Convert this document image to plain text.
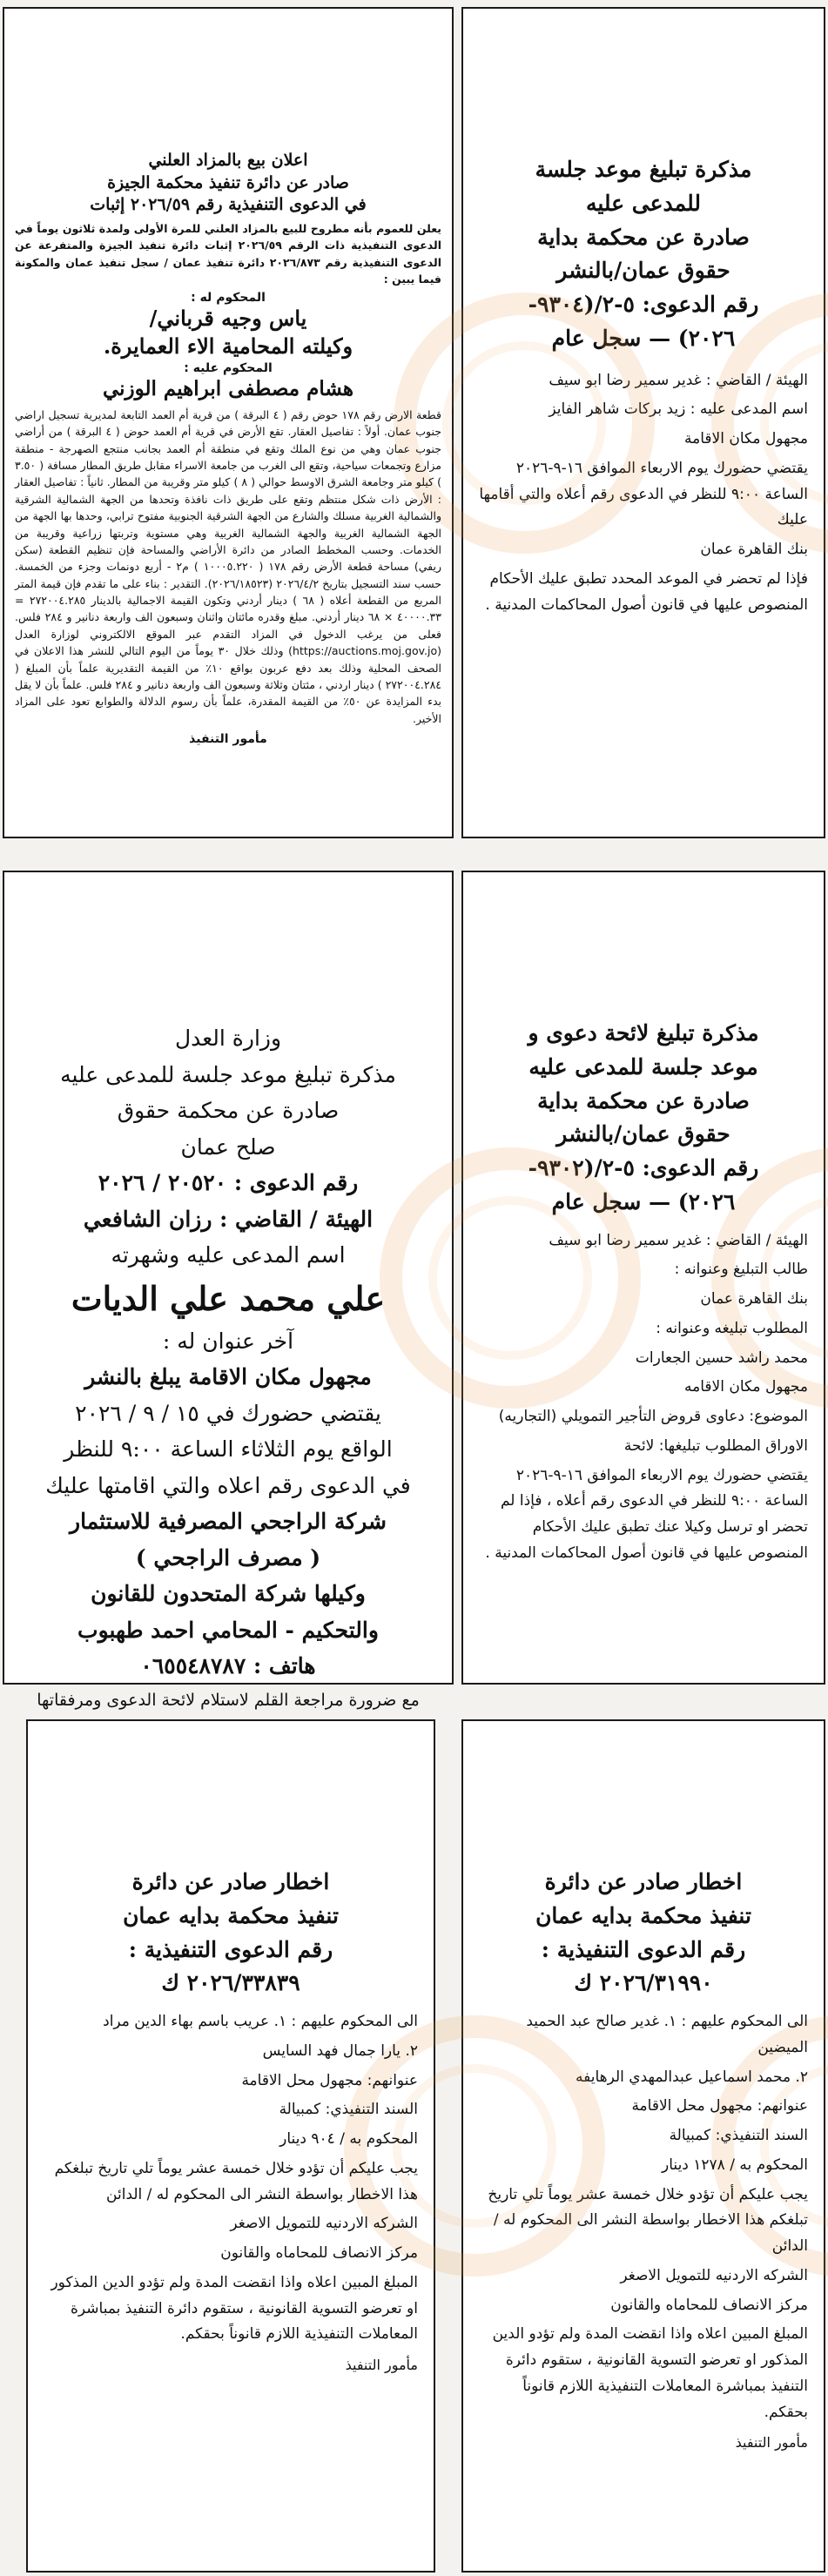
مذكرة تبليغ موعد جلسة
للمدعى عليه
صادرة عن محكمة بداية
حقوق عمان/بالنشر
رقم الدعوى: ٥-٢/(٩٣٠٤-
٢٠٢٦) — سجل عام
الهيئة / القاضي : غدير سمير رضا ابو سيف
اسم المدعى عليه : زيد بركات شاهر الفايز
مجهول مكان الاقامة
يقتضي حضورك يوم الاربعاء الموافق ١٦-٩-٢٠٢٦ الساعة ٩:٠٠ للنظر في الدعوى رقم أعلاه والتي أقامها عليك
بنك القاهرة عمان
فإذا لم تحضر في الموعد المحدد تطبق عليك الأحكام المنصوص عليها في قانون أصول المحاكمات المدنية .
اعلان بيع بالمزاد العلني
صادر عن دائرة تنفيذ محكمة الجيزة
في الدعوى التنفيذية رقم ٢٠٢٦/٥٩ إثبات
يعلن للعموم بأنه مطروح للبيع بالمزاد العلني للمرة الأولى ولمدة ثلاثون يوماً في الدعوى التنفيذية ذات الرقم ٢٠٢٦/٥٩ إثبات دائرة تنفيذ الجيزة والمتفرعة عن الدعوى التنفيذية رقم ٢٠٢٦/٨٧٣ دائرة تنفيذ عمان / سجل تنفيذ عمان والمكونة فيما يبين :
المحكوم له :
ياس وجيه قرباني/
وكيلته المحامية الاء العمايرة.
المحكوم عليه :
هشام مصطفى ابراهيم الوزني
قطعة الارض رقم ١٧٨ حوض رقم ( ٤ البرقة ) من قرية أم العمد التابعة لمديرية تسجيل اراضي جنوب عمان. أولاً : تفاصيل العقار. تقع الأرض في قرية أم العمد حوض ( ٤ البرقة ) من أراضي جنوب عمان وهي من نوع الملك وتقع في منطقة أم العمد بجانب منتجع الصهرجة - منطقة مزارع وتجمعات سياحية، وتقع الى الغرب من جامعة الاسراء مقابل طريق المطار مسافة ( ٣.٥٠ ) كيلو متر وجامعة الشرق الاوسط حوالي ( ٨ ) كيلو متر وقريبة من المطار. ثانياً : تفاصيل العقار : الأرض ذات شكل منتظم وتقع على طريق ذات نافذة وتحدها من الجهة الشمالية الشرقية والشمالية الغربية مسلك والشارع من الجهة الشرقية الجنوبية مفتوح ترابي، وحدها بها الجهة من الجهة الشمالية الغربية والجهة الشمالية الغربية وهي مستوية وتربتها زراعية وقريبة من الخدمات. وحسب المخطط الصادر من دائرة الأراضي والمساحة فإن تنظيم القطعة (سكن ريفي) مساحة قطعة الأرض رقم ١٧٨ ( ١٠٠٠٥.٢٢٠ ) م٢ - أربع دونمات وجزء من الخمسة. حسب سند التسجيل بتاريخ ٢٠٢٦/٤/٢ (٢٠٢٦/١٨٥٢٣). التقدير : بناء على ما تقدم فإن قيمة المتر المربع من القطعة أعلاه ( ٦٨ ) دينار أردني وتكون القيمة الاجمالية بالدينار ٢٧٢٠٠٤.٢٨٥ = ٤٠٠٠٠.٣٣ × ٦٨ دينار أردني. مبلغ وقدره مائتان واثنان وسبعون الف واربعة دنانير و ٢٨٤ فلس. فعلى من يرغب الدخول في المزاد التقدم عبر الموقع الالكتروني لوزارة العدل (https://auctions.moj.gov.jo) وذلك خلال ٣٠ يوماً من اليوم التالي للنشر هذا الاعلان في الصحف المحلية وذلك بعد دفع عربون بواقع ١٠٪ من القيمة التقديرية علماً بأن المبلغ ( ٢٧٢٠٠٤.٢٨٤ ) دينار اردني ، مئتان وثلاثة وسبعون الف واربعة دنانير و ٢٨٤ فلس. علماً بأن لا يقل بدء المزايدة عن ٥٠٪ من القيمة المقدرة، علماً بأن رسوم الدلالة والطوابع تعود على المزاد الأخير.
مأمور التنفيذ
مذكرة تبليغ لائحة دعوى و
موعد جلسة للمدعى عليه
صادرة عن محكمة بداية
حقوق عمان/بالنشر
رقم الدعوى: ٥-٢/(٩٣٠٢-
٢٠٢٦) — سجل عام
الهيئة / القاضي : غدير سمير رضا ابو سيف
طالب التبليغ وعنوانه :
بنك القاهرة عمان
المطلوب تبليغه وعنوانه :
محمد راشد حسين الجعارات
مجهول مكان الاقامه
الموضوع: دعاوى قروض التأجير التمويلي (التجاريه)
الاوراق المطلوب تبليغها: لائحة
يقتضي حضورك يوم الاربعاء الموافق ١٦-٩-٢٠٢٦ الساعة ٩:٠٠ للنظر في الدعوى رقم أعلاه ، فإذا لم تحضر او ترسل وكيلا عنك تطبق عليك الأحكام المنصوص عليها في قانون أصول المحاكمات المدنية .
وزارة العدل
مذكرة تبليغ موعد جلسة للمدعى عليه
صادرة عن محكمة حقوق
صلح عمان
رقم الدعوى : ٢٠٥٢٠ / ٢٠٢٦
الهيئة / القاضي : رزان الشافعي
اسم المدعى عليه وشهرته
علي محمد علي الديات
آخر عنوان له :
مجهول مكان الاقامة يبلغ بالنشر
يقتضي حضورك في ١٥ / ٩ / ٢٠٢٦
الواقع يوم الثلاثاء الساعة ٩:٠٠ للنظر
في الدعوى رقم اعلاه والتي اقامتها عليك
شركة الراجحي المصرفية للاستثمار
( مصرف الراجحي )
وكيلها شركة المتحدون للقانون
والتحكيم - المحامي احمد طهبوب
هاتف : ٠٦٥٥٤٨٧٨٧
مع ضرورة مراجعة القلم لاستلام لائحة الدعوى ومرفقاتها
اخطار صادر عن دائرة
تنفيذ محكمة بدايه عمان
رقم الدعوى التنفيذية :
٢٠٢٦/٣١٩٩٠ ك
الى المحكوم عليهم : ١. غدير صالح عبد الحميد الميضين
٢. محمد اسماعيل عبدالمهدي الرهايفه
عنوانهم: مجهول محل الاقامة
السند التنفيذي: كمبيالة
المحكوم به / ١٢٧٨ دينار
يجب عليكم أن تؤدو خلال خمسة عشر يوماً تلي تاريخ تبلغكم هذا الاخطار بواسطة النشر الى المحكوم له / الدائن
الشركه الاردنيه للتمويل الاصغر
مركز الانصاف للمحاماه والقانون
المبلغ المبين اعلاه واذا انقضت المدة ولم تؤدو الدين المذكور او تعرضو التسوية القانونية ، ستقوم دائرة التنفيذ بمباشرة المعاملات التنفيذية اللازم قانوناً بحقكم.
مأمور التنفيذ
اخطار صادر عن دائرة
تنفيذ محكمة بدايه عمان
رقم الدعوى التنفيذية :
٢٠٢٦/٣٣٨٣٩ ك
الى المحكوم عليهم : ١. عريب باسم بهاء الدين مراد
٢. يارا جمال فهد السايس
عنوانهم: مجهول محل الاقامة
السند التنفيذي: كمبيالة
المحكوم به / ٩٠٤ دينار
يجب عليكم أن تؤدو خلال خمسة عشر يوماً تلي تاريخ تبلغكم هذا الاخطار بواسطة النشر الى المحكوم له / الدائن
الشركه الاردنيه للتمويل الاصغر
مركز الانصاف للمحاماه والقانون
المبلغ المبين اعلاه واذا انقضت المدة ولم تؤدو الدين المذكور او تعرضو التسوية القانونية ، ستقوم دائرة التنفيذ بمباشرة المعاملات التنفيذية اللازم قانوناً بحقكم.
مأمور التنفيذ
